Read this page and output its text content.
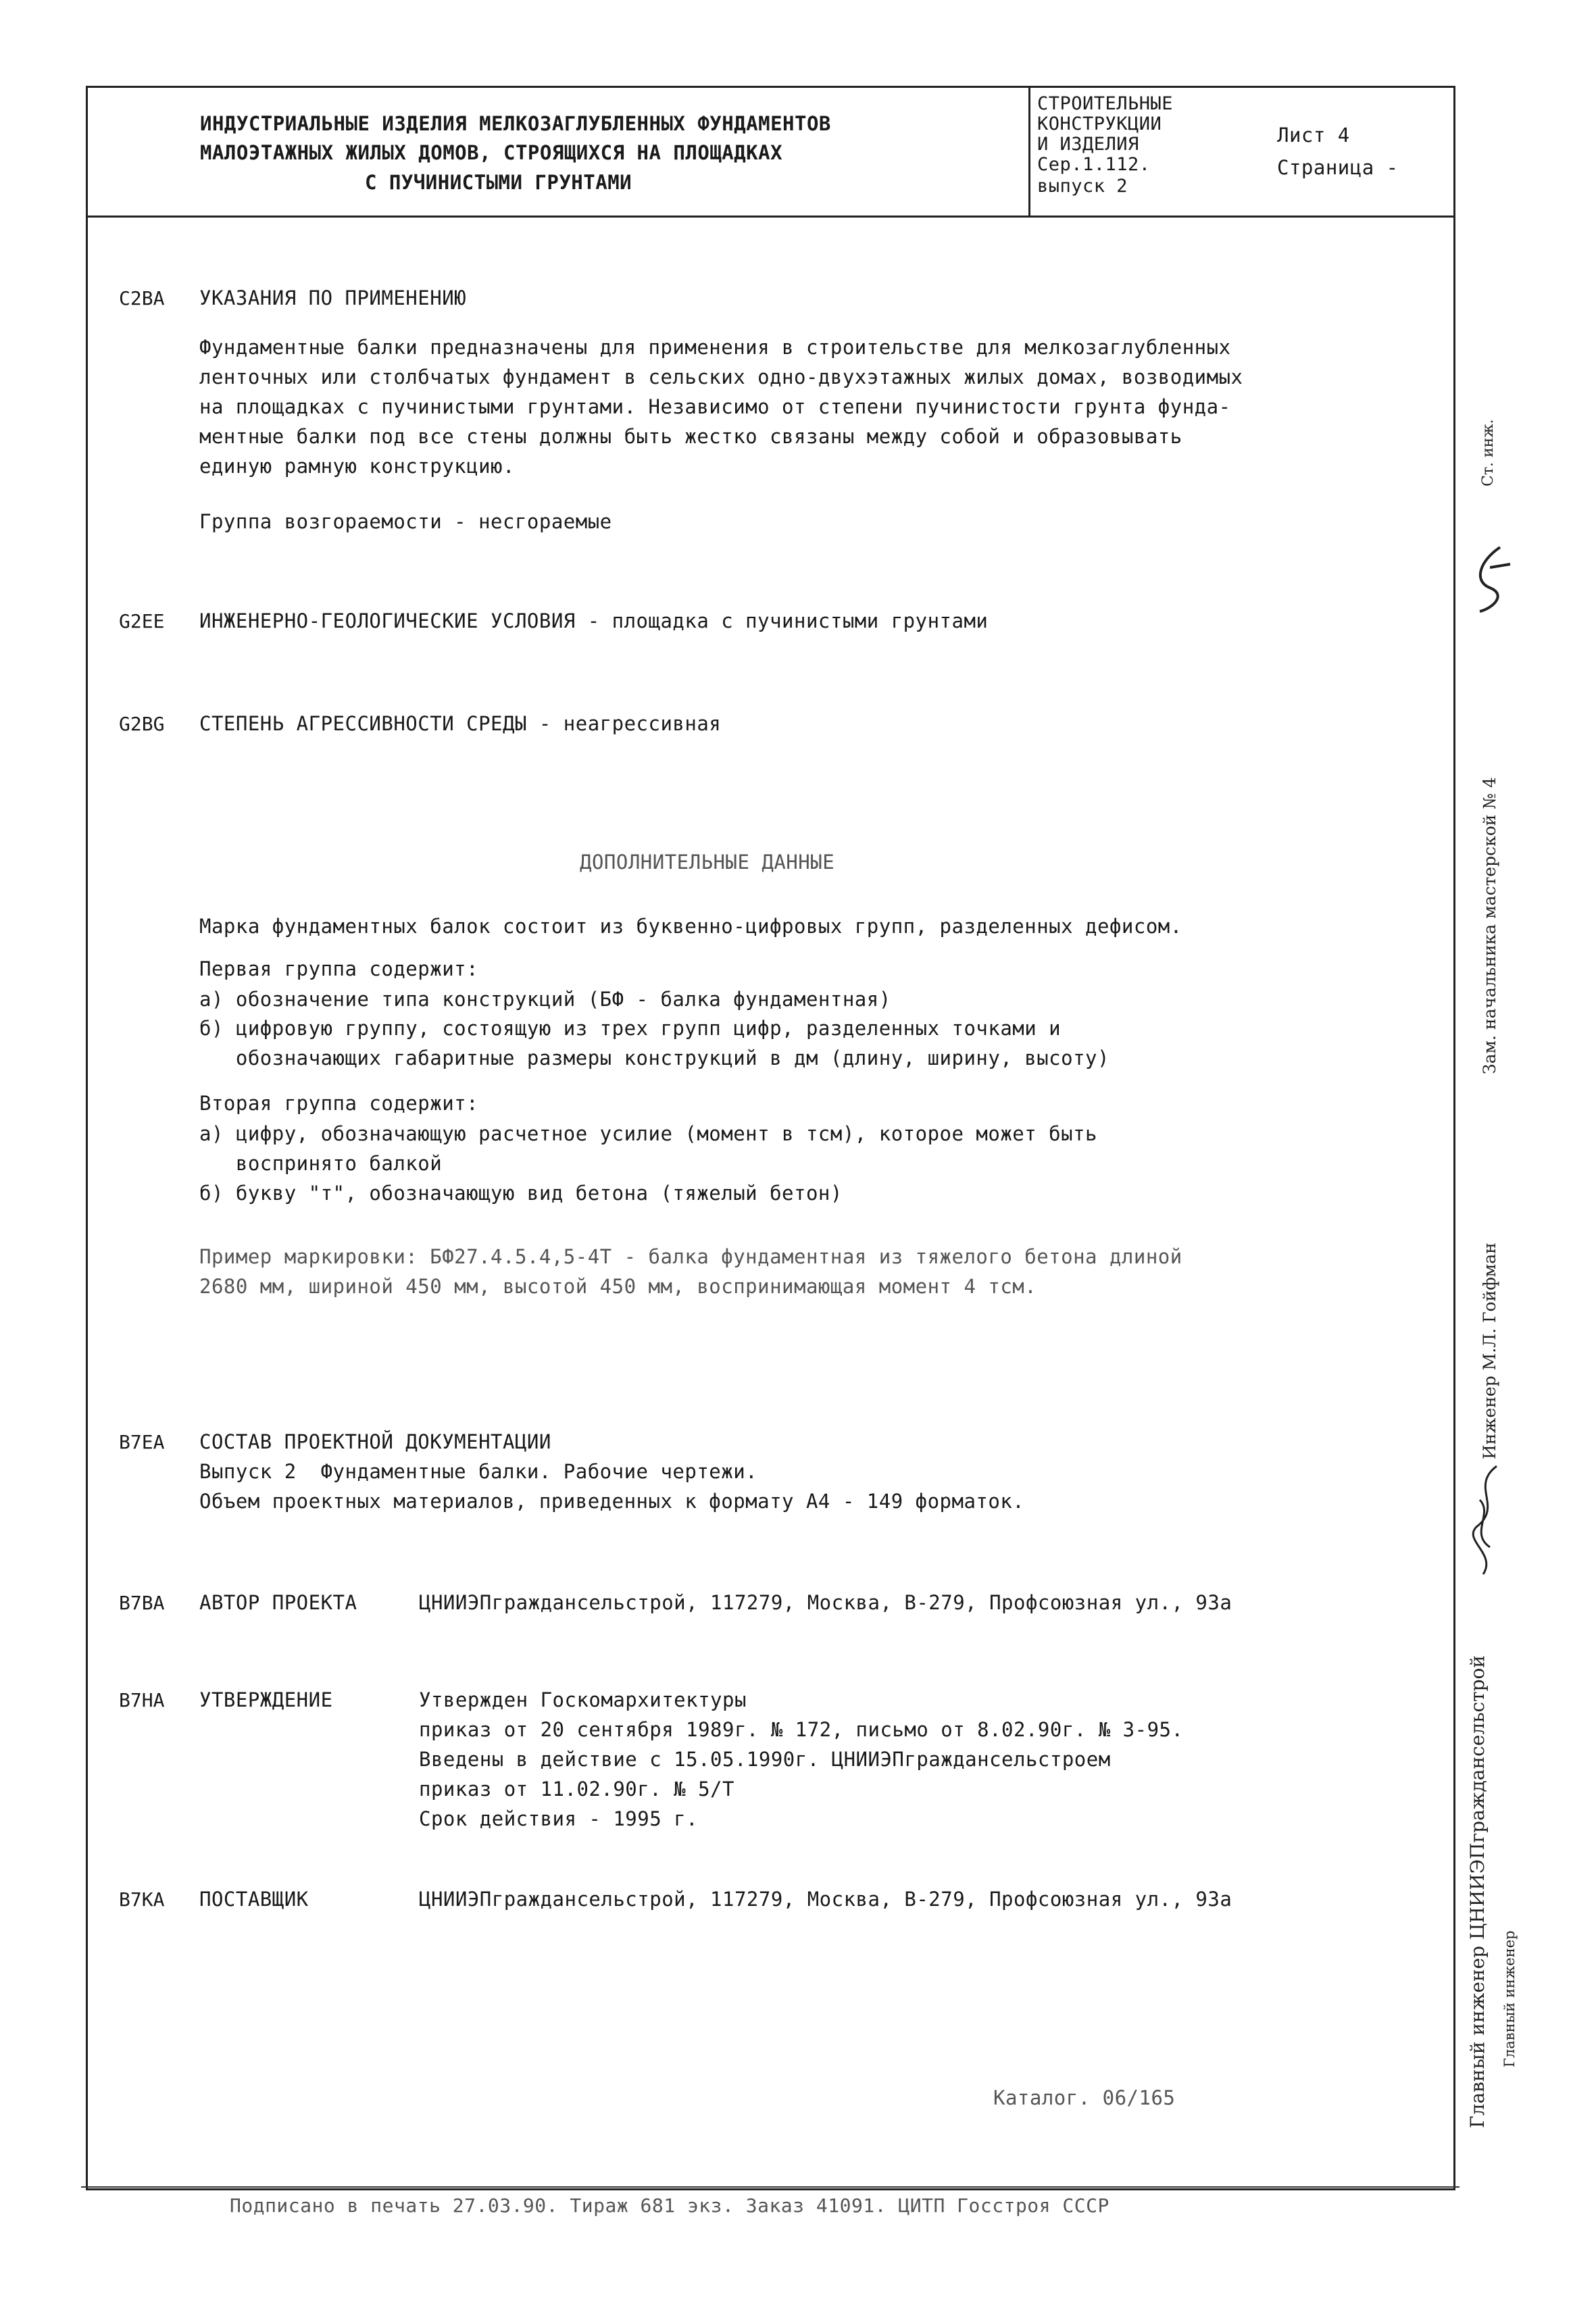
ИНДУСТРИАЛЬНЫЕ ИЗДЕЛИЯ МЕЛКОЗАГЛУБЛЕННЫХ ФУНДАМЕНТОВ
МАЛОЭТАЖНЫХ ЖИЛЫХ ДОМОВ, СТРОЯЩИХСЯ НА ПЛОЩАДКАХ
С ПУЧИНИСТЫМИ ГРУНТАМИ
СТРОИТЕЛЬНЫЕ
КОНСТРУКЦИИ
И ИЗДЕЛИЯ
Сер.1.112.
выпуск 2
Лист 4
Страница -
C2BA УКАЗАНИЯ ПО ПРИМЕНЕНИЮ
Фундаментные балки предназначены для применения в строительстве для мелкозаглубленных
ленточных или столбчатых фундамент в сельских одно-двухэтажных жилых домах, возводимых
на площадках с пучинистыми грунтами. Независимо от степени пучинистости грунта фунда-
ментные балки под все стены должны быть жестко связаны между собой и образовывать
единую рамную конструкцию.
Группа возгораемости - несгораемые
G2EE ИНЖЕНЕРНО-ГЕОЛОГИЧЕСКИЕ УСЛОВИЯ - площадка с пучинистыми грунтами
G2BG СТЕПЕНЬ АГРЕССИВНОСТИ СРЕДЫ - неагрессивная
ДОПОЛНИТЕЛЬНЫЕ ДАННЫЕ
Марка фундаментных балок состоит из буквенно-цифровых групп, разделенных дефисом.
Первая группа содержит:
а) обозначение типа конструкций (БФ - балка фундаментная)
б) цифровую группу, состоящую из трех групп цифр, разделенных точками и
обозначающих габаритные размеры конструкций в дм (длину, ширину, высоту)
Вторая группа содержит:
а) цифру, обозначающую расчетное усилие (момент в тсм), которое может быть
воспринято балкой
б) букву "т", обозначающую вид бетона (тяжелый бетон)
Пример маркировки: БФ27.4.5.4,5-4Т - балка фундаментная из тяжелого бетона длиной
2680 мм, шириной 450 мм, высотой 450 мм, воспринимающая момент 4 тсм.
B7EA СОСТАВ ПРОЕКТНОЙ ДОКУМЕНТАЦИИ
Выпуск 2  Фундаментные балки. Рабочие чертежи.
Объем проектных материалов, приведенных к формату А4 - 149 форматок.
B7BA АВТОР ПРОЕКТА	ЦНИИЭПграждансельстрой, 117279, Москва, В-279, Профсоюзная ул., 93а
B7HA УТВЕРЖДЕНИЕ	Утвержден Госкомархитектуры
приказ от 20 сентября 1989г. № 172, письмо от 8.02.90г. № 3-95.
Введены в действие с 15.05.1990г. ЦНИИЭПграждансельстроем
приказ от 11.02.90г. № 5/Т
Срок действия - 1995 г.
B7KA ПОСТАВЩИК	ЦНИИЭПграждансельстрой, 117279, Москва, В-279, Профсоюзная ул., 93а
Каталог. 06/165
Подписано в печать 27.03.90. Тираж 681 экз. Заказ 41091. ЦИТП Госстроя СССР
Ст. инж.
Зам. начальника мастерской № 4
Инженер М.Л. Гойфман
Главный инженер ЦНИИЭПграждансельстрой Главный инженер
